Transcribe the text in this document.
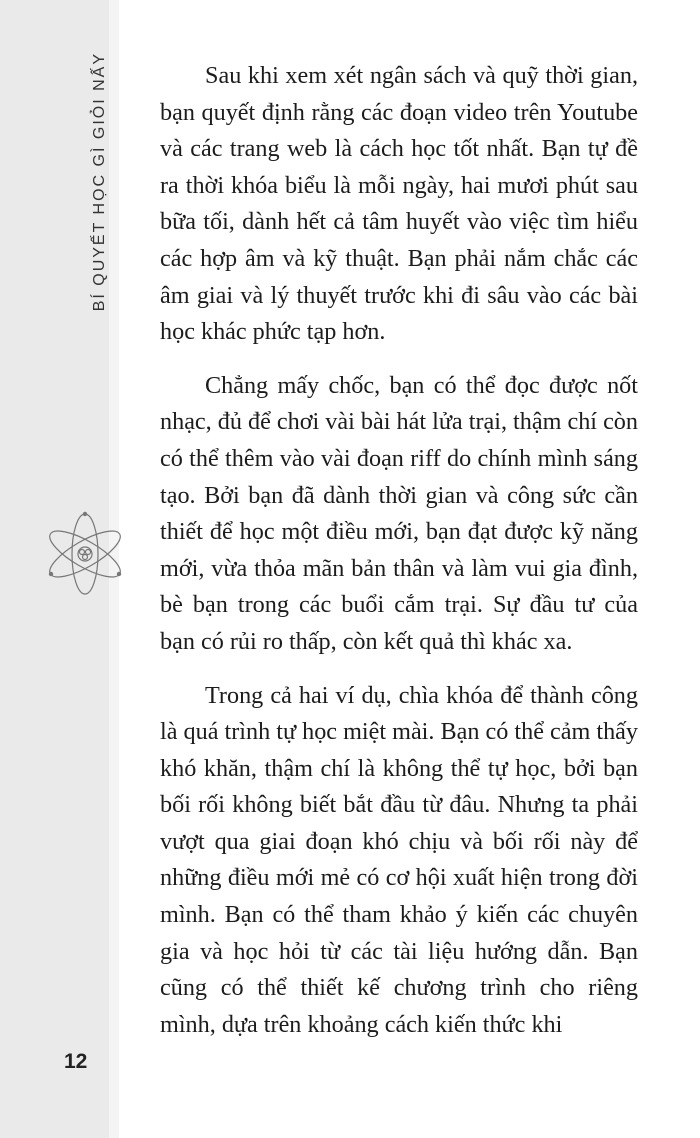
BÍ QUYẾT HỌC GÌ GIỎI NẤY
12

Sau khi xem xét ngân sách và quỹ thời gian, bạn quyết định rằng các đoạn video trên Youtube và các trang web là cách học tốt nhất. Bạn tự đề ra thời khóa biểu là mỗi ngày, hai mươi phút sau bữa tối, dành hết cả tâm huyết vào việc tìm hiểu các hợp âm và kỹ thuật. Bạn phải nắm chắc các âm giai và lý thuyết trước khi đi sâu vào các bài học khác phức tạp hơn.

Chẳng mấy chốc, bạn có thể đọc được nốt nhạc, đủ để chơi vài bài hát lửa trại, thậm chí còn có thể thêm vào vài đoạn riff do chính mình sáng tạo. Bởi bạn đã dành thời gian và công sức cần thiết để học một điều mới, bạn đạt được kỹ năng mới, vừa thỏa mãn bản thân và làm vui gia đình, bè bạn trong các buổi cắm trại. Sự đầu tư của bạn có rủi ro thấp, còn kết quả thì khác xa.

Trong cả hai ví dụ, chìa khóa để thành công là quá trình tự học miệt mài. Bạn có thể cảm thấy khó khăn, thậm chí là không thể tự học, bởi bạn bối rối không biết bắt đầu từ đâu. Nhưng ta phải vượt qua giai đoạn khó chịu và bối rối này để những điều mới mẻ có cơ hội xuất hiện trong đời mình. Bạn có thể tham khảo ý kiến các chuyên gia và học hỏi từ các tài liệu hướng dẫn. Bạn cũng có thể thiết kế chương trình cho riêng mình, dựa trên khoảng cách kiến thức khi
